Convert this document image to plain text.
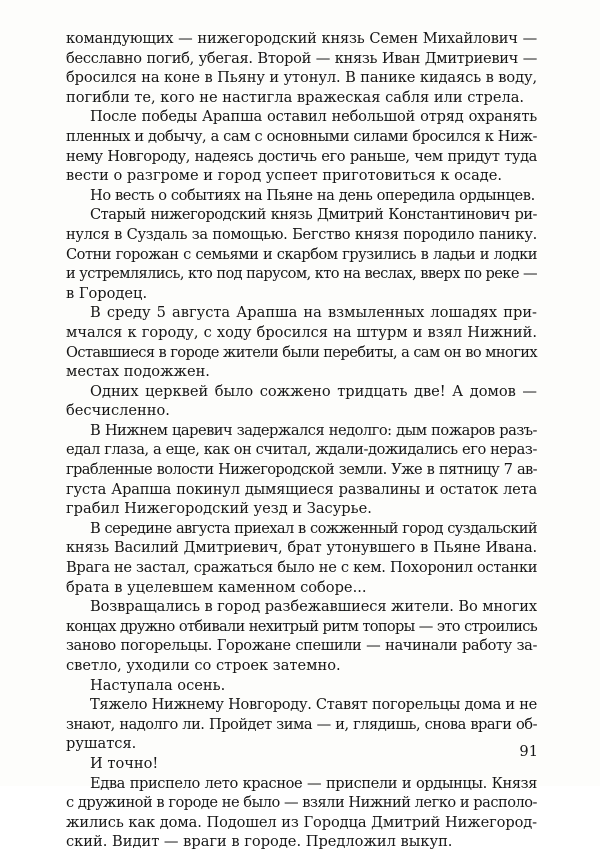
командующих — нижегородский князь Семен Михайлович —
бесславно погиб, убегая. Второй — князь Иван Дмитриевич —
бросился на коне в Пьяну и утонул. В панике кидаясь в воду,
погибли те, кого не настигла вражеская сабля или стрела.
После победы Арапша оставил небольшой отряд охранять
пленных и добычу, а сам с основными силами бросился к Ниж-
нему Новгороду, надеясь достичь его раньше, чем придут туда
вести о разгроме и город успеет приготовиться к осаде.
Но весть о событиях на Пьяне на день опередила ордынцев.
Старый нижегородский князь Дмитрий Константинович ри-
нулся в Суздаль за помощью. Бегство князя породило панику.
Сотни горожан с семьями и скарбом грузились в ладьи и лодки
и устремлялись, кто под парусом, кто на веслах, вверх по реке —
в Городец.
В среду 5 августа Арапша на взмыленных лошадях при-
мчался к городу, с ходу бросился на штурм и взял Нижний.
Оставшиеся в городе жители были перебиты, а сам он во многих
местах подожжен.
Одних церквей было сожжено тридцать две! А домов —
бесчисленно.
В Нижнем царевич задержался недолго: дым пожаров разъ-
едал глаза, а еще, как он считал, ждали-дожидались его нераз-
грабленные волости Нижегородской земли. Уже в пятницу 7 ав-
густа Арапша покинул дымящиеся развалины и остаток лета
грабил Нижегородский уезд и Засурье.
В середине августа приехал в сожженный город суздальский
князь Василий Дмитриевич, брат утонувшего в Пьяне Ивана.
Врага не застал, сражаться было не с кем. Похоронил останки
брата в уцелевшем каменном соборе...
Возвращались в город разбежавшиеся жители. Во многих
концах дружно отбивали нехитрый ритм топоры — это строились
заново погорельцы. Горожане спешили — начинали работу за-
светло, уходили со строек затемно.
Наступала осень.
Тяжело Нижнему Новгороду. Ставят погорельцы дома и не
знают, надолго ли. Пройдет зима — и, глядишь, снова враги об-
рушатся.
И точно!
Едва приспело лето красное — приспели и ордынцы. Князя
с дружиной в городе не было — взяли Нижний легко и располо-
жились как дома. Подошел из Городца Дмитрий Нижегород-
ский. Видит — враги в городе. Предложил выкуп.
91
